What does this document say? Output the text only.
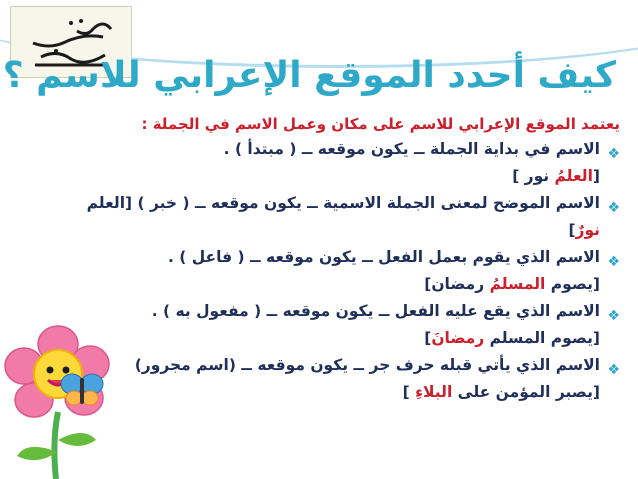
كيف أحدد الموقع الإعرابي للاسم ؟
يعتمد الموقع الإعرابي للاسم على مكان وعمل الاسم في الجملة :
❖
الاسم في بداية الجملة ــ يكون موقعه ــ ( مبتدأ ) .
[العلمُ نور ]
❖
الاسم الموضح لمعنى الجملة الاسمية ــ يكون موقعه ــ ( خبر ) [العلم
نورٌ]
❖
الاسم الذي يقوم بعمل الفعل ــ يكون موقعه ــ ( فاعل ) .
[يصوم المسلمُ رمضان]
❖
الاسم الذي يقع عليه الفعل ــ يكون موقعه ــ ( مفعول به ) .
[يصوم المسلم رمضانَ]
❖
الاسم الذي يأتي قبله حرف جر ــ يكون موقعه ــ (اسم مجرور)
[يصبر المؤمن على البلاءِ ]
